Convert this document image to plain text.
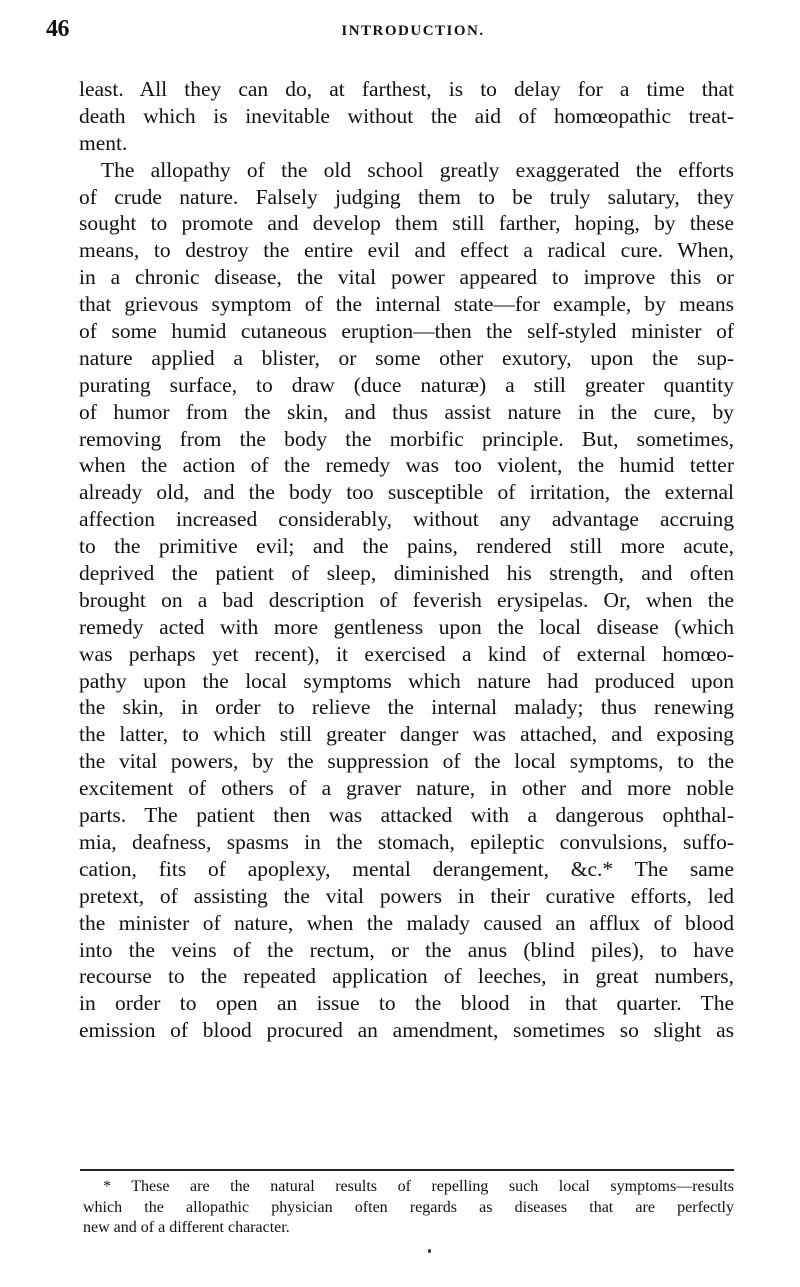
46	INTRODUCTION.
least. All they can do, at farthest, is to delay for a time that
death which is inevitable without the aid of homœopathic treat-
ment.
The allopathy of the old school greatly exaggerated the efforts
of crude nature. Falsely judging them to be truly salutary, they
sought to promote and develop them still farther, hoping, by these
means, to destroy the entire evil and effect a radical cure. When,
in a chronic disease, the vital power appeared to improve this or
that grievous symptom of the internal state—for example, by means
of some humid cutaneous eruption—then the self-styled minister of
nature applied a blister, or some other exutory, upon the sup-
purating surface, to draw (duce naturæ) a still greater quantity
of humor from the skin, and thus assist nature in the cure, by
removing from the body the morbific principle. But, sometimes,
when the action of the remedy was too violent, the humid tetter
already old, and the body too susceptible of irritation, the external
affection increased considerably, without any advantage accruing
to the primitive evil; and the pains, rendered still more acute,
deprived the patient of sleep, diminished his strength, and often
brought on a bad description of feverish erysipelas. Or, when the
remedy acted with more gentleness upon the local disease (which
was perhaps yet recent), it exercised a kind of external homœo-
pathy upon the local symptoms which nature had produced upon
the skin, in order to relieve the internal malady; thus renewing
the latter, to which still greater danger was attached, and exposing
the vital powers, by the suppression of the local symptoms, to the
excitement of others of a graver nature, in other and more noble
parts. The patient then was attacked with a dangerous ophthal-
mia, deafness, spasms in the stomach, epileptic convulsions, suffo-
cation, fits of apoplexy, mental derangement, &c.* The same
pretext, of assisting the vital powers in their curative efforts, led
the minister of nature, when the malady caused an afflux of blood
into the veins of the rectum, or the anus (blind piles), to have
recourse to the repeated application of leeches, in great numbers,
in order to open an issue to the blood in that quarter. The
emission of blood procured an amendment, sometimes so slight as
* These are the natural results of repelling such local symptoms—results
which the allopathic physician often regards as diseases that are perfectly
new and of a different character.
